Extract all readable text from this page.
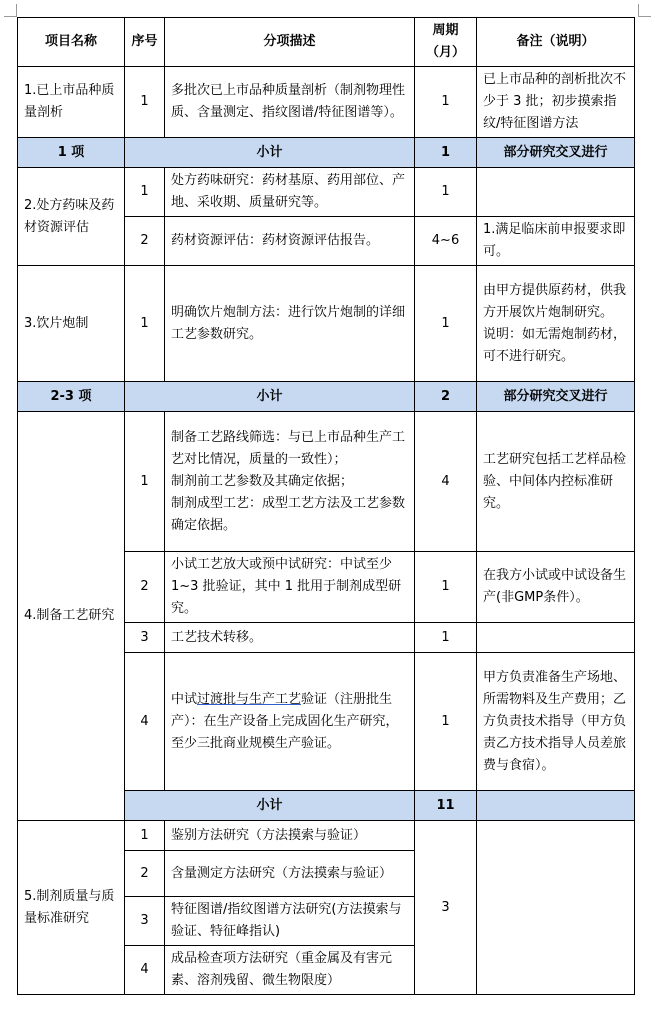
项目名称	序号	分项描述	周期（月）	备注（说明）
1.已上市品种质量剖析	1	多批次已上市品种质量剖析（制剂物理性质、含量测定、指纹图谱/特征图谱等）。	1	已上市品种的剖析批次不少于 3 批；初步摸索指纹/特征图谱方法
1 项	小计		1	部分研究交叉进行
2.处方药味及药材资源评估	1	处方药味研究：药材基原、药用部位、产地、采收期、质量研究等。	1	
	2	药材资源评估：药材资源评估报告。	4~6	1.满足临床前申报要求即可。
3.饮片炮制	1	明确饮片炮制方法：进行饮片炮制的详细工艺参数研究。	1	由甲方提供原药材，供我方开展饮片炮制研究。
说明：如无需炮制药材，可不进行研究。

2-3 项	小计		2	部分研究交叉进行
4.制备工艺研究	1	制备工艺路线筛选：与已上市品种生产工艺对比情况，质量的一致性）；
制剂前工艺参数及其确定依据；
制剂成型工艺：成型工艺方法及工艺参数确定依据。	4	工艺研究包括工艺样品检验、中间体内控标准研究。
	2	小试工艺放大或预中试研究：中试至少 1~3 批验证，其中 1 批用于制剂成型研究。	1	在我方小试或中试设备生产(非GMP条件）。
	3	工艺技术转移。	1	
	4	中试过渡批与生产工艺验证（注册批生产）：在生产设备上完成固化生产研究，至少三批商业规模生产验证。	1	甲方负责准备生产场地、所需物料及生产费用；乙方负责技术指导（甲方负责乙方技术指导人员差旅费与食宿）。
	小计		11	
5.制剂质量与质量标准研究	1	鉴别方法研究（方法摸索与验证）	3	
	2	含量测定方法研究（方法摸索与验证）		
	3	特征图谱/指纹图谱方法研究(方法摸索与验证、特征峰指认)		
	4	成品检查项方法研究（重金属及有害元素、溶剂残留、微生物限度）		
